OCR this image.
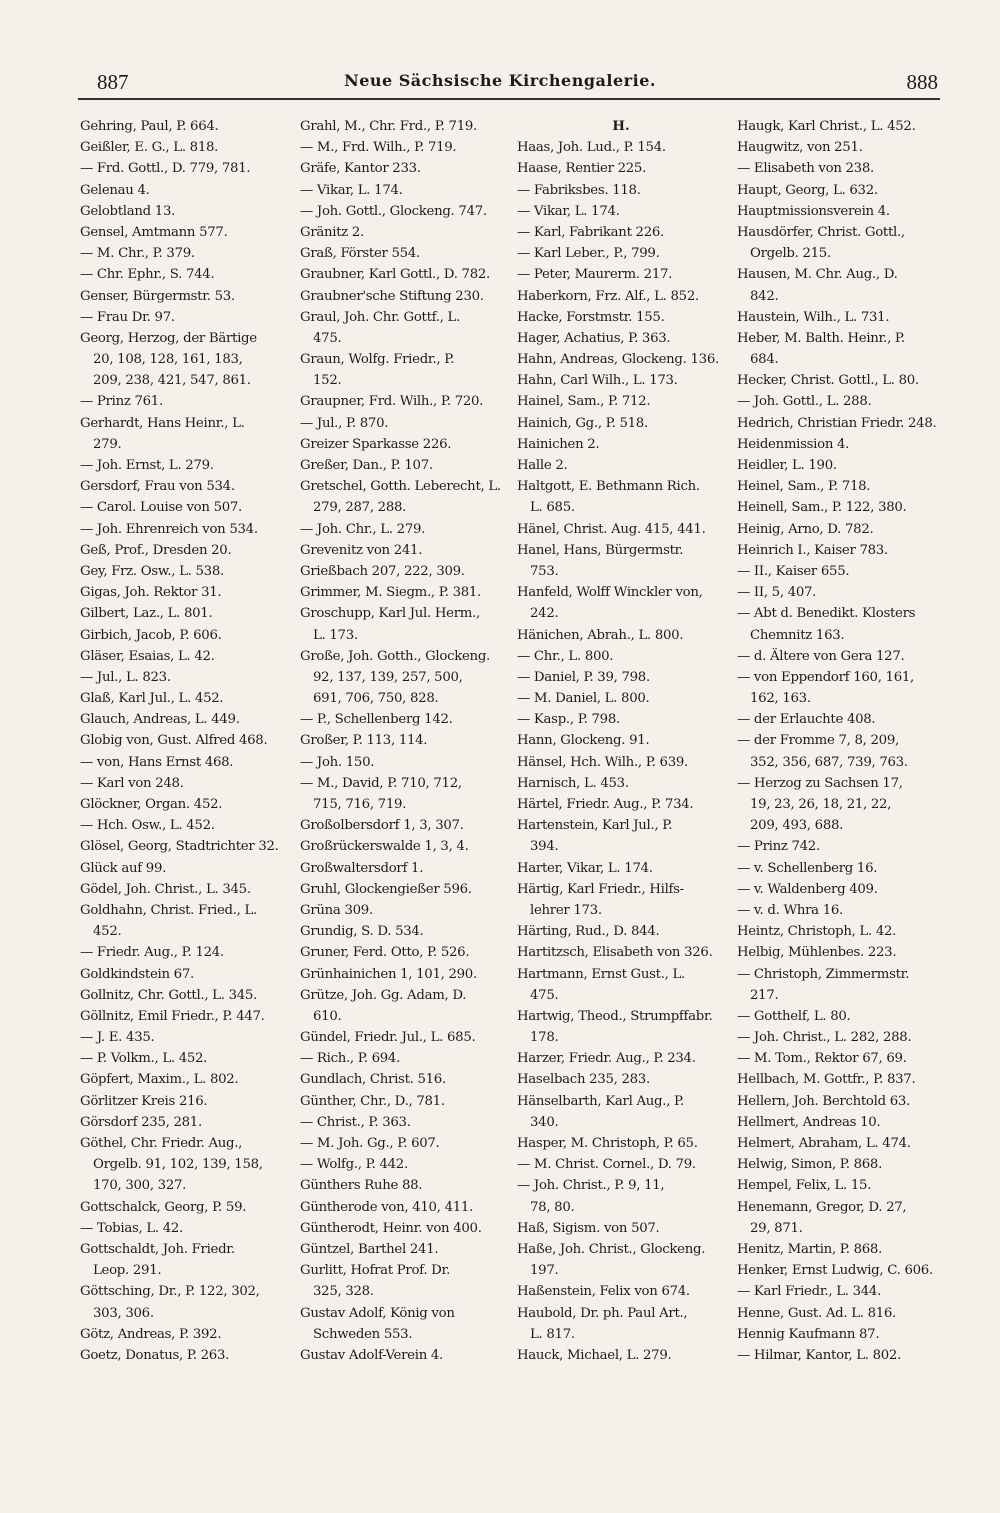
887	Neue Sächsische Kirchengalerie.	888
Gehring, Paul, P. 664.
Geißler, E. G., L. 818.
— Frd. Gottl., D. 779, 781.
Gelenau 4.
Gelobtland 13.
Gensel, Amtmann 577.
— M. Chr., P. 379.
— Chr. Ephr., S. 744.
Genser, Bürgermstr. 53.
— Frau Dr. 97.
Georg, Herzog, der Bärtige
20, 108, 128, 161, 183,
209, 238, 421, 547, 861.
— Prinz 761.
Gerhardt, Hans Heinr., L.
279.
— Joh. Ernst, L. 279.
Gersdorf, Frau von 534.
— Carol. Louise von 507.
— Joh. Ehrenreich von 534.
Geß, Prof., Dresden 20.
Gey, Frz. Osw., L. 538.
Gigas, Joh. Rektor 31.
Gilbert, Laz., L. 801.
Girbich, Jacob, P. 606.
Gläser, Esaias, L. 42.
— Jul., L. 823.
Glaß, Karl Jul., L. 452.
Glauch, Andreas, L. 449.
Globig von, Gust. Alfred 468.
— von, Hans Ernst 468.
— Karl von 248.
Glöckner, Organ. 452.
— Hch. Osw., L. 452.
Glösel, Georg, Stadtrichter 32.
Glück auf 99.
Gödel, Joh. Christ., L. 345.
Goldhahn, Christ. Fried., L.
452.
— Friedr. Aug., P. 124.
Goldkindstein 67.
Gollnitz, Chr. Gottl., L. 345.
Göllnitz, Emil Friedr., P. 447.
— J. E. 435.
— P. Volkm., L. 452.
Göpfert, Maxim., L. 802.
Görlitzer Kreis 216.
Görsdorf 235, 281.
Göthel, Chr. Friedr. Aug.,
Orgelb. 91, 102, 139, 158,
170, 300, 327.
Gottschalck, Georg, P. 59.
— Tobias, L. 42.
Gottschaldt, Joh. Friedr.
Leop. 291.
Göttsching, Dr., P. 122, 302,
303, 306.
Götz, Andreas, P. 392.
Goetz, Donatus, P. 263.
Grahl, M., Chr. Frd., P. 719.
— M., Frd. Wilh., P. 719.
Gräfe, Kantor 233.
— Vikar, L. 174.
— Joh. Gottl., Glockeng. 747.
Gränitz 2.
Graß, Förster 554.
Graubner, Karl Gottl., D. 782.
Graubner'sche Stiftung 230.
Graul, Joh. Chr. Gottf., L.
475.
Graun, Wolfg. Friedr., P.
152.
Graupner, Frd. Wilh., P. 720.
— Jul., P. 870.
Greizer Sparkasse 226.
Greßer, Dan., P. 107.
Gretschel, Gotth. Leberecht, L.
279, 287, 288.
— Joh. Chr., L. 279.
Grevenitz von 241.
Grießbach 207, 222, 309.
Grimmer, M. Siegm., P. 381.
Groschupp, Karl Jul. Herm.,
L. 173.
Große, Joh. Gotth., Glockeng.
92, 137, 139, 257, 500,
691, 706, 750, 828.
— P., Schellenberg 142.
Großer, P. 113, 114.
— Joh. 150.
— M., David, P. 710, 712,
715, 716, 719.
Großolbersdorf 1, 3, 307.
Großrückerswalde 1, 3, 4.
Großwaltersdorf 1.
Gruhl, Glockengießer 596.
Grüna 309.
Grundig, S. D. 534.
Gruner, Ferd. Otto, P. 526.
Grünhainichen 1, 101, 290.
Grütze, Joh. Gg. Adam, D.
610.
Gündel, Friedr. Jul., L. 685.
— Rich., P. 694.
Gundlach, Christ. 516.
Günther, Chr., D., 781.
— Christ., P. 363.
— M. Joh. Gg., P. 607.
— Wolfg., P. 442.
Günthers Ruhe 88.
Güntherode von, 410, 411.
Güntherodt, Heinr. von 400.
Güntzel, Barthel 241.
Gurlitt, Hofrat Prof. Dr.
325, 328.
Gustav Adolf, König von
Schweden 553.
Gustav Adolf-Verein 4.
H.
Haas, Joh. Lud., P. 154.
Haase, Rentier 225.
— Fabriksbes. 118.
— Vikar, L. 174.
— Karl, Fabrikant 226.
— Karl Leber., P., 799.
— Peter, Maurerm. 217.
Haberkorn, Frz. Alf., L. 852.
Hacke, Forstmstr. 155.
Hager, Achatius, P. 363.
Hahn, Andreas, Glockeng. 136.
Hahn, Carl Wilh., L. 173.
Hainel, Sam., P. 712.
Hainich, Gg., P. 518.
Hainichen 2.
Halle 2.
Haltgott, E. Bethmann Rich.
L. 685.
Hänel, Christ. Aug. 415, 441.
Hanel, Hans, Bürgermstr.
753.
Hanfeld, Wolff Winckler von,
242.
Hänichen, Abrah., L. 800.
— Chr., L. 800.
— Daniel, P. 39, 798.
— M. Daniel, L. 800.
— Kasp., P. 798.
Hann, Glockeng. 91.
Hänsel, Hch. Wilh., P. 639.
Harnisch, L. 453.
Härtel, Friedr. Aug., P. 734.
Hartenstein, Karl Jul., P.
394.
Harter, Vikar, L. 174.
Härtig, Karl Friedr., Hilfs-
lehrer 173.
Härting, Rud., D. 844.
Hartitzsch, Elisabeth von 326.
Hartmann, Ernst Gust., L.
475.
Hartwig, Theod., Strumpffabr.
178.
Harzer, Friedr. Aug., P. 234.
Haselbach 235, 283.
Hänselbarth, Karl Aug., P.
340.
Hasper, M. Christoph, P. 65.
— M. Christ. Cornel., D. 79.
— Joh. Christ., P. 9, 11,
78, 80.
Haß, Sigism. von 507.
Haße, Joh. Christ., Glockeng.
197.
Haßenstein, Felix von 674.
Haubold, Dr. ph. Paul Art.,
L. 817.
Hauck, Michael, L. 279.
Haugk, Karl Christ., L. 452.
Haugwitz, von 251.
— Elisabeth von 238.
Haupt, Georg, L. 632.
Hauptmissionsverein 4.
Hausdörfer, Christ. Gottl.,
Orgelb. 215.
Hausen, M. Chr. Aug., D.
842.
Haustein, Wilh., L. 731.
Heber, M. Balth. Heinr., P.
684.
Hecker, Christ. Gottl., L. 80.
— Joh. Gottl., L. 288.
Hedrich, Christian Friedr. 248.
Heidenmission 4.
Heidler, L. 190.
Heinel, Sam., P. 718.
Heinell, Sam., P. 122, 380.
Heinig, Arno, D. 782.
Heinrich I., Kaiser 783.
— II., Kaiser 655.
— II, 5, 407.
— Abt d. Benedikt. Klosters
Chemnitz 163.
— d. Ältere von Gera 127.
— von Eppendorf 160, 161,
162, 163.
— der Erlauchte 408.
— der Fromme 7, 8, 209,
352, 356, 687, 739, 763.
— Herzog zu Sachsen 17,
19, 23, 26, 18, 21, 22,
209, 493, 688.
— Prinz 742.
— v. Schellenberg 16.
— v. Waldenberg 409.
— v. d. Whra 16.
Heintz, Christoph, L. 42.
Helbig, Mühlenbes. 223.
— Christoph, Zimmermstr.
217.
— Gotthelf, L. 80.
— Joh. Christ., L. 282, 288.
— M. Tom., Rektor 67, 69.
Hellbach, M. Gottfr., P. 837.
Hellern, Joh. Berchtold 63.
Hellmert, Andreas 10.
Helmert, Abraham, L. 474.
Helwig, Simon, P. 868.
Hempel, Felix, L. 15.
Henemann, Gregor, D. 27,
29, 871.
Henitz, Martin, P. 868.
Henker, Ernst Ludwig, C. 606.
— Karl Friedr., L. 344.
Henne, Gust. Ad. L. 816.
Hennig Kaufmann 87.
— Hilmar, Kantor, L. 802.
